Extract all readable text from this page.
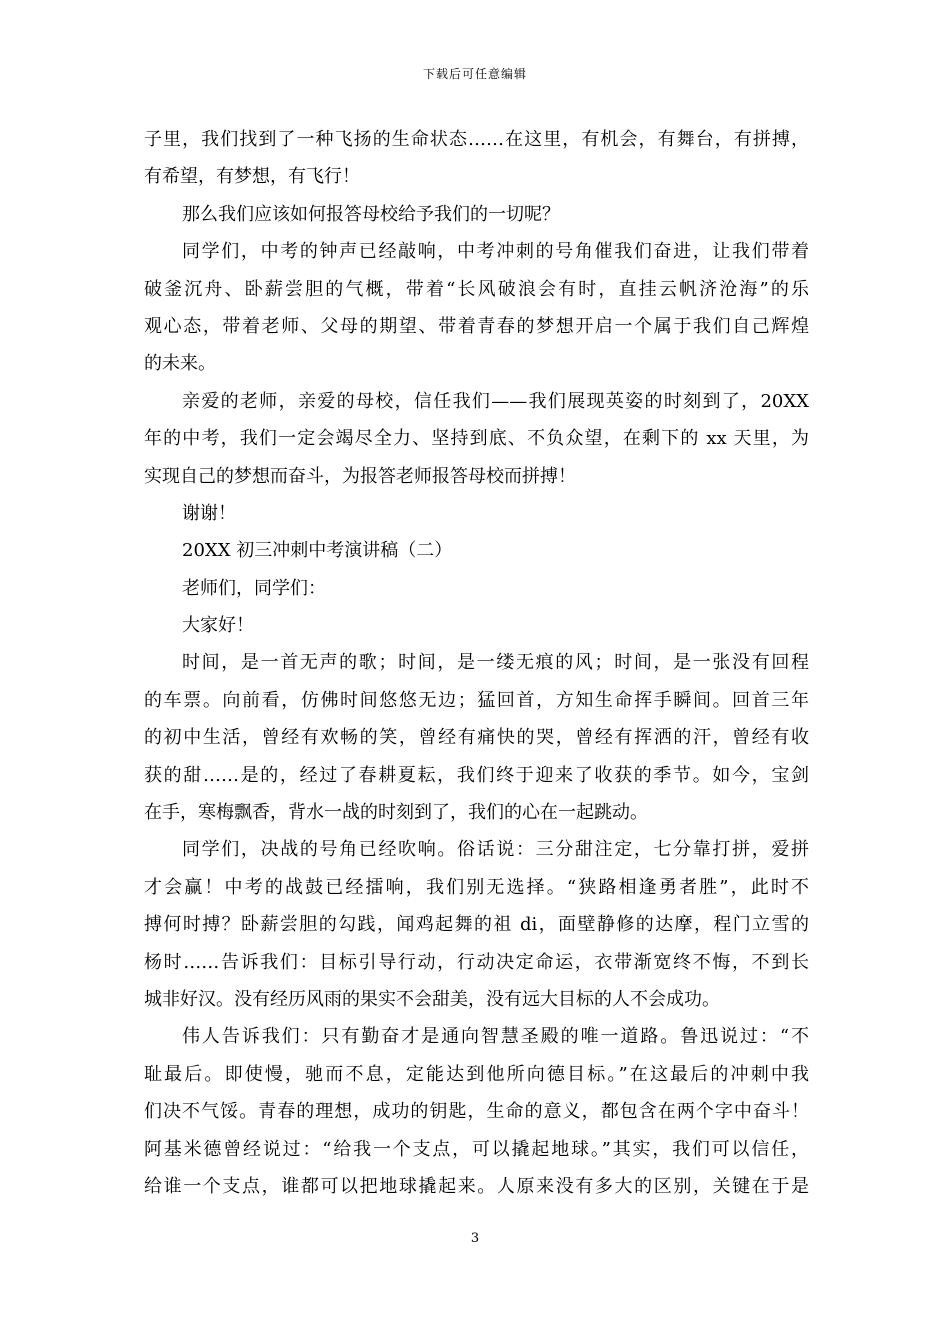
下载后可任意编辑
子里，我们找到了一种飞扬的生命状态……在这里，有机会，有舞台，有拼搏，
有希望，有梦想，有飞行！
那么我们应该如何报答母校给予我们的一切呢？
同学们，中考的钟声已经敲响，中考冲刺的号角催我们奋进，让我们带着
破釜沉舟、卧薪尝胆的气概，带着“长风破浪会有时，直挂云帆济沧海”的乐
观心态，带着老师、父母的期望、带着青春的梦想开启一个属于我们自己辉煌
的未来。
亲爱的老师，亲爱的母校，信任我们——我们展现英姿的时刻到了，20XX
年的中考，我们一定会竭尽全力、坚持到底、不负众望，在剩下的 xx 天里，为
实现自己的梦想而奋斗，为报答老师报答母校而拼搏！
谢谢！
20XX 初三冲刺中考演讲稿（二）
老师们，同学们：
大家好！
时间，是一首无声的歌；时间，是一缕无痕的风；时间，是一张没有回程
的车票。向前看，仿佛时间悠悠无边；猛回首，方知生命挥手瞬间。回首三年
的初中生活，曾经有欢畅的笑，曾经有痛快的哭，曾经有挥洒的汗，曾经有收
获的甜……是的，经过了春耕夏耘，我们终于迎来了收获的季节。如今，宝剑
在手，寒梅飘香，背水一战的时刻到了，我们的心在一起跳动。
同学们，决战的号角已经吹响。俗话说：三分甜注定，七分靠打拼，爱拼
才会赢！中考的战鼓已经擂响，我们别无选择。“狭路相逢勇者胜”，此时不
搏何时搏？卧薪尝胆的勾践，闻鸡起舞的祖 di，面壁静修的达摩，程门立雪的
杨时……告诉我们：目标引导行动，行动决定命运，衣带渐宽终不悔，不到长
城非好汉。没有经历风雨的果实不会甜美，没有远大目标的人不会成功。
伟人告诉我们：只有勤奋才是通向智慧圣殿的唯一道路。鲁迅说过：“不
耻最后。即使慢，驰而不息，定能达到他所向德目标。”在这最后的冲刺中我
们决不气馁。青春的理想，成功的钥匙，生命的意义，都包含在两个字中奋斗！
阿基米德曾经说过：“给我一个支点，可以撬起地球。”其实，我们可以信任，
给谁一个支点，谁都可以把地球撬起来。人原来没有多大的区别，关键在于是
3
